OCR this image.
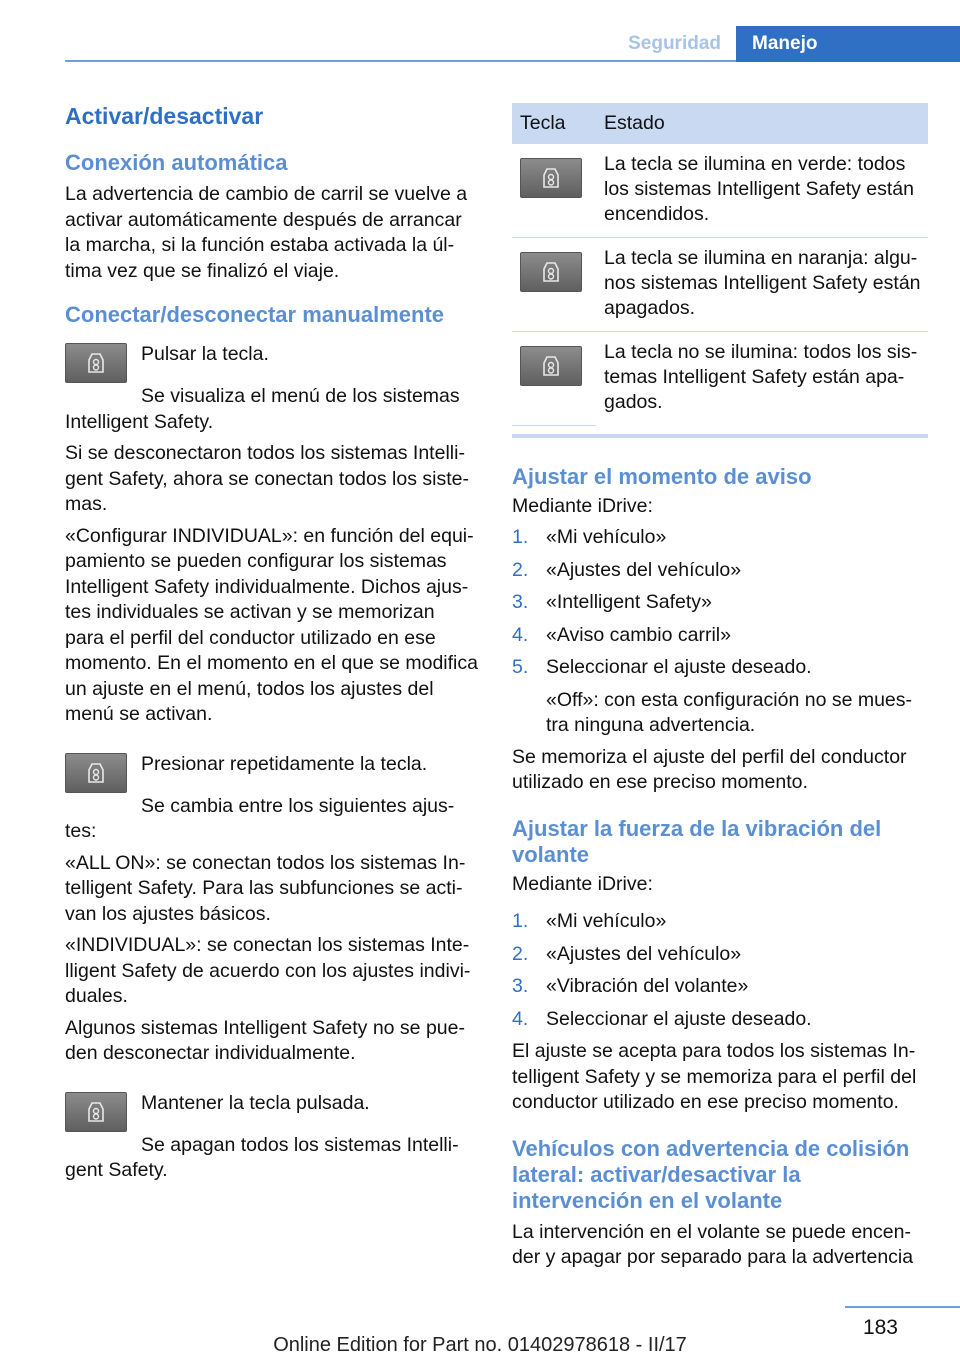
Seguridad	Manejo
Activar/desactivar
Conexión automática

La advertencia de cambio de carril se vuelve a activar automáticamente después de arrancar la marcha, si la función estaba activada la última vez que se finalizó el viaje.

Conectar/desconectar manualmente
Pulsar la tecla.

Se visualiza el menú de los sistemas Intelligent Safety.

Si se desconectaron todos los sistemas Intelligent Safety, ahora se conectan todos los sistemas.

«Configurar INDIVIDUAL»: en función del equipamiento se pueden configurar los sistemas Intelligent Safety individualmente. Dichos ajustes individuales se activan y se memorizan para el perfil del conductor utilizado en ese momento. En el momento en el que se modifica un ajuste en el menú, todos los ajustes del menú se activan.

Presionar repetidamente la tecla.

Se cambia entre los siguientes ajustes:

«ALL ON»: se conectan todos los sistemas Intelligent Safety. Para las subfunciones se activan los ajustes básicos.

«INDIVIDUAL»: se conectan los sistemas Intelligent Safety de acuerdo con los ajustes individuales.

Algunos sistemas Intelligent Safety no se pueden desconectar individualmente.

Mantener la tecla pulsada.

Se apagan todos los sistemas Intelligent Safety.

Tecla	Estado

	La tecla se ilumina en verde: todos los sistemas Intelligent Safety están encendidos.

	La tecla se ilumina en naranja: algunos sistemas Intelligent Safety están apagados.

	La tecla no se ilumina: todos los sistemas Intelligent Safety están apagados.
Ajustar el momento de aviso

Mediante iDrive:

1. «Mi vehículo»
2. «Ajustes del vehículo»
3. «Intelligent Safety»
4. «Aviso cambio carril»
5. Seleccionar el ajuste deseado.
«Off»: con esta configuración no se muestra ninguna advertencia.

Se memoriza el ajuste del perfil del conductor utilizado en ese preciso momento.

Ajustar la fuerza de la vibración del volante

Mediante iDrive:

1. «Mi vehículo»
2. «Ajustes del vehículo»
3. «Vibración del volante»
4. Seleccionar el ajuste deseado.

El ajuste se acepta para todos los sistemas Intelligent Safety y se memoriza para el perfil del conductor utilizado en ese preciso momento.

Vehículos con advertencia de colisión lateral: activar/desactivar la intervención en el volante

La intervención en el volante se puede encender y apagar por separado para la advertencia

183
Online Edition for Part no. 01402978618 - II/17
